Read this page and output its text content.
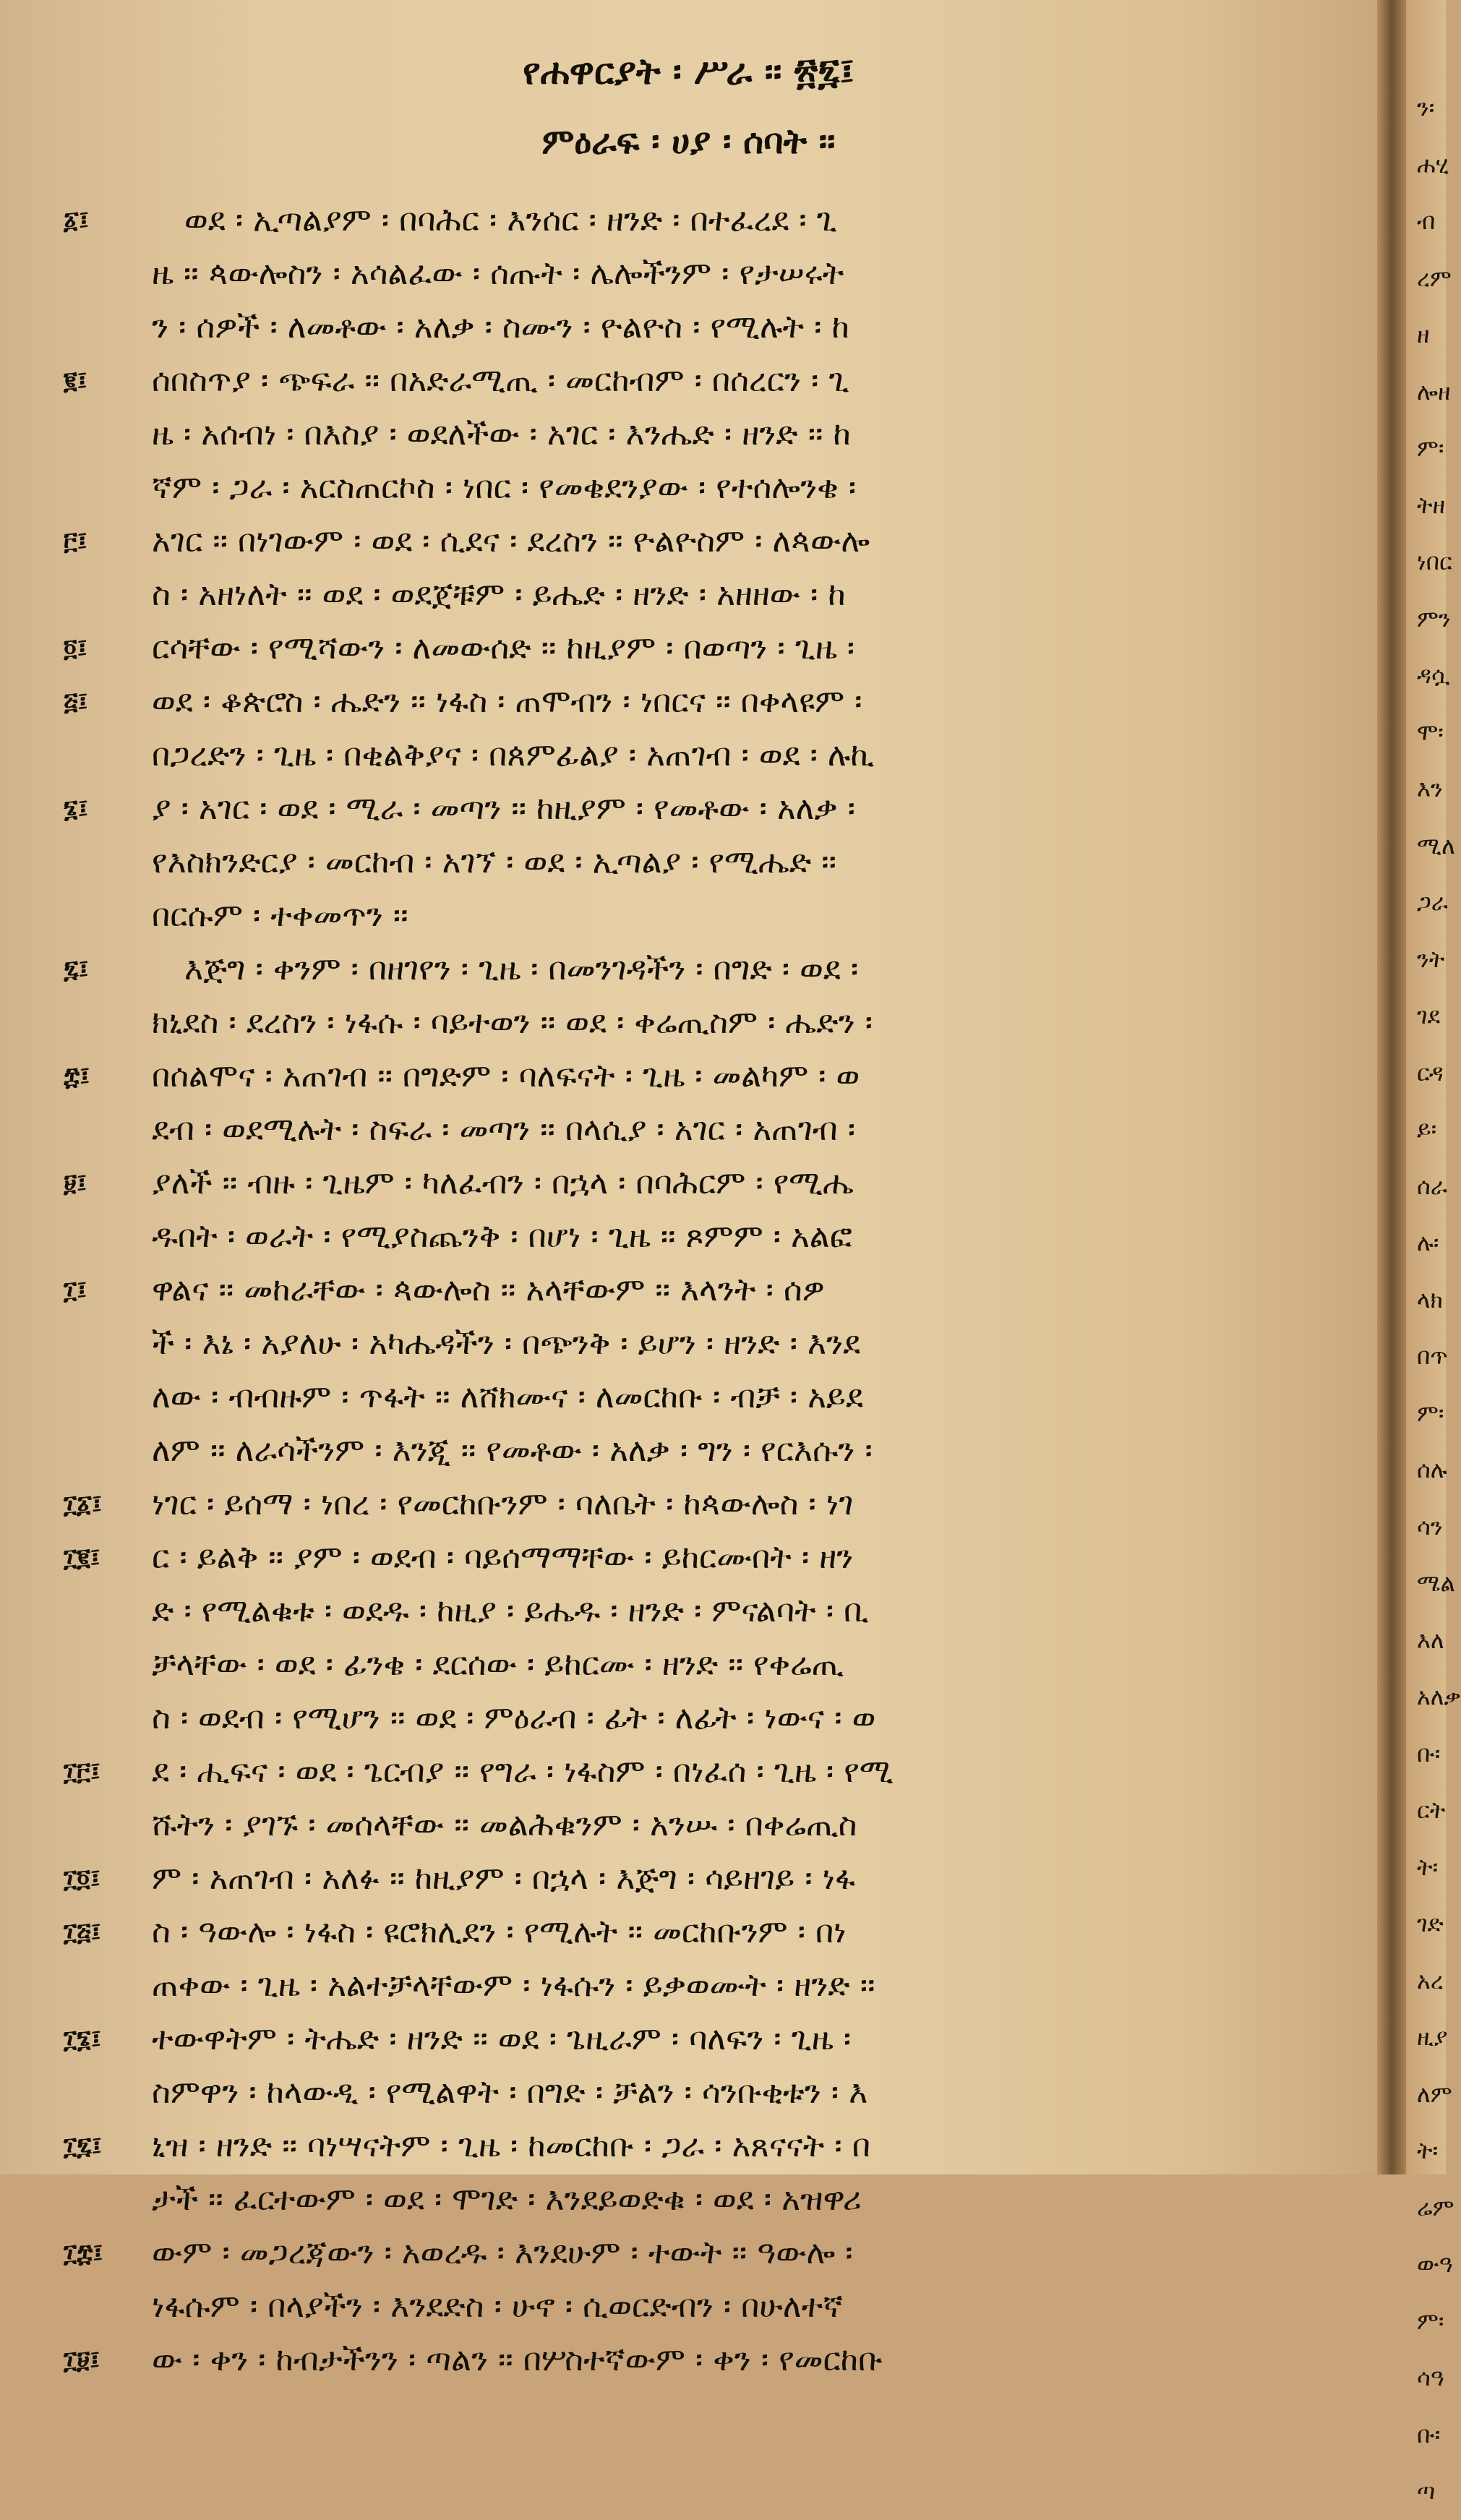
የሐዋርያት ፡ ሥራ ፡፡ ፳፯፤
ምዕራፍ ፡ ሀያ ፡ ሰባት ፡፡
፩፤
፪፤
፫፤
፬፤
፭፤
፮፤
፯፤
፰፤
፱፤
፲፤
፲፩፤
፲፪፤
፲፫፤
፲፬፤
፲፭፤
፲፮፤
፲፯፤
፲፰፤
፲፱፤
ወደ ፡ ኢጣልያም ፡ በባሕር ፡ እንሰር ፡ ዘንድ ፡ በተፈረደ ፡ ጊ
ዜ ፡፡ ጳውሎስን ፡ አሳልፈው ፡ ሰጡት ፡ ሌሎችንም ፡ የታሠሩት
ን ፡ ሰዎች ፡ ለመቶው ፡ አለቃ ፡ ስሙን ፡ ዮልዮስ ፡ የሚሉት ፡ ከ
ሰበስጥያ ፡ ጭፍራ ፡፡ በአድራሚጢ ፡ መርከብም ፡ በሰረርን ፡ ጊ
ዜ ፡ አሰብነ ፡ በእስያ ፡ ወደለችው ፡ አገር ፡ እንሔድ ፡ ዘንድ ፡፡ ከ
ኛም ፡ ጋራ ፡ አርስጠርኮስ ፡ ነበር ፡ የመቄደንያው ፡ የተሰሎንቄ ፡
አገር ፡፡ በነገውም ፡ ወደ ፡ ሲደና ፡ ደረስን ፡፡ ዮልዮስም ፡ ለጳውሎ
ስ ፡ አዘነለት ፡፡ ወደ ፡ ወደጀቹም ፡ ይሔድ ፡ ዘንድ ፡ አዘዘው ፡ ከ
ርሳቸው ፡ የሚሻውን ፡ ለመውሰድ ፡፡ ከዚያም ፡ በወጣን ፡ ጊዜ ፡
ወደ ፡ ቆጵሮስ ፡ ሔድን ፡፡ ነፋስ ፡ ጠሞብን ፡ ነበርና ፡፡ በቀላዩም ፡
በጋረድን ፡ ጊዜ ፡ በቂልቅያና ፡ በጰምፊልያ ፡ አጠገብ ፡ ወደ ፡ ሉኪ
ያ ፡ አገር ፡ ወደ ፡ ሚራ ፡ መጣን ፡፡ ከዚያም ፡ የመቶው ፡ አለቃ ፡
የእስክንድርያ ፡ መርከብ ፡ አገኘ ፡ ወደ ፡ ኢጣልያ ፡ የሚሔድ ፡፡
በርሱም ፡ ተቀመጥን ፡፡
እጅግ ፡ ቀንም ፡ በዘገየን ፡ ጊዜ ፡ በመንገዳችን ፡ በግድ ፡ ወደ ፡
ክኒደስ ፡ ደረስን ፡ ነፋሱ ፡ ባይተወን ፡፡ ወደ ፡ ቀሬጢስም ፡ ሔድን ፡
በሰልሞና ፡ አጠገብ ፡፡ በግድም ፡ ባለፍናት ፡ ጊዜ ፡ መልካም ፡ ወ
ደብ ፡ ወደሚሉት ፡ ስፍራ ፡ መጣን ፡፡ በላሲያ ፡ አገር ፡ አጠገብ ፡
ያለች ፡፡ ብዙ ፡ ጊዜም ፡ ካለፈብን ፡ በኋላ ፡ በባሕርም ፡ የሚሔ
ዱበት ፡ ወራት ፡ የሚያስጨንቅ ፡ በሆነ ፡ ጊዜ ፡፡ ጾምም ፡ አልፎ
ዋልና ፡፡ መከራቸው ፡ ጳውሎስ ፡፡ አላቸውም ፡፡ እላንት ፡ ሰዎ
ች ፡ እኔ ፡ አያለሁ ፡ አካሔዳችን ፡ በጭንቅ ፡ ይሆን ፡ ዘንድ ፡ እንደ
ለው ፡ ብብዙም ፡ ጥፋት ፡፡ ለሸክሙና ፡ ለመርከቡ ፡ ብቻ ፡ አይደ
ለም ፡፡ ለራሳችንም ፡ እንጂ ፡፡ የመቶው ፡ አለቃ ፡ ግን ፡ የርእሱን ፡
ነገር ፡ ይሰማ ፡ ነበረ ፡ የመርከቡንም ፡ ባለቤት ፡ ከጳውሎስ ፡ ነገ
ር ፡ ይልቅ ፡፡ ያም ፡ ወደብ ፡ ባይሰማማቸው ፡ ይከርሙበት ፡ ዘን
ድ ፡ የሚልቁቱ ፡ ወደዱ ፡ ከዚያ ፡ ይሔዱ ፡ ዘንድ ፡ ምናልባት ፡ ቢ
ቻላቸው ፡ ወደ ፡ ፊንቄ ፡ ደርሰው ፡ ይከርሙ ፡ ዘንድ ፡፡ የቀሬጢ
ስ ፡ ወደብ ፡ የሚሆን ፡፡ ወደ ፡ ምዕራብ ፡ ፊት ፡ ለፊት ፡ ነውና ፡ ወ
ደ ፡ ሒፍና ፡ ወደ ፡ ጌርብያ ፡፡ የግራ ፡ ነፋስም ፡ በነፈሰ ፡ ጊዜ ፡ የሚ
ሹትን ፡ ያገኙ ፡ መሰላቸው ፡፡ መልሕቁንም ፡ አንሡ ፡ በቀሬጢስ
ም ፡ አጠገብ ፡ አለፉ ፡፡ ከዚያም ፡ በኋላ ፡ እጅግ ፡ ሳይዘገይ ፡ ነፋ
ስ ፡ ዓውሎ ፡ ነፋስ ፡ ዩሮክሊደን ፡ የሚሉት ፡፡ መርከቡንም ፡ በነ
ጠቀው ፡ ጊዜ ፡ አልተቻላቸውም ፡ ነፋሱን ፡ ይቃወሙት ፡ ዘንድ ፡፡
ተውዋትም ፡ ትሔድ ፡ ዘንድ ፡፡ ወደ ፡ ጌዚራም ፡ ባለፍን ፡ ጊዜ ፡
ስምዋን ፡ ከላውዲ ፡ የሚልዋት ፡ በግድ ፡ ቻልን ፡ ሳንቡቂቱን ፡ እ
ኒዝ ፡ ዘንድ ፡፡ ባነሣናትም ፡ ጊዜ ፡ ከመርከቡ ፡ ጋራ ፡ አጸናናት ፡ በ
ታች ፡፡ ፈርተውም ፡ ወደ ፡ ሞገድ ፡ እንደይወድቁ ፡ ወደ ፡ አዝዋሪ
ውም ፡ መጋረጃውን ፡ አወረዱ ፡ እንደሁም ፡ ተውት ፡፡ ዓውሎ ፡
ነፋሱም ፡ በላያችን ፡ እንደድስ ፡ ሁኖ ፡ ሲወርድብን ፡ በሁለተኛ
ው ፡ ቀን ፡ ከብታችንን ፡ ጣልን ፡፡ በሦስተኛውም ፡ ቀን ፡ የመርከቡ
ን፡
ሐሂ
ብ
ረም
ዘ
ሎዘ
ም፡
ትዘ
ነበር
ምን
ዳሷ
ሞ፡
እን
ሚለ
ጋራ
ንት
ገደ
ርዳ
ይ፡
ሰራ
ሉ፡
ላክ
በጥ
ም፡
ሰሉ
ሳን
ሜል
እለ
አለቃ
ቡ፡
ርት
ት፡
ገድ
አረ
ዚያ
ለም
ት፡
ሬም
ውዓ
ም፡
ሳዓ
ቡ፡
ጣ
